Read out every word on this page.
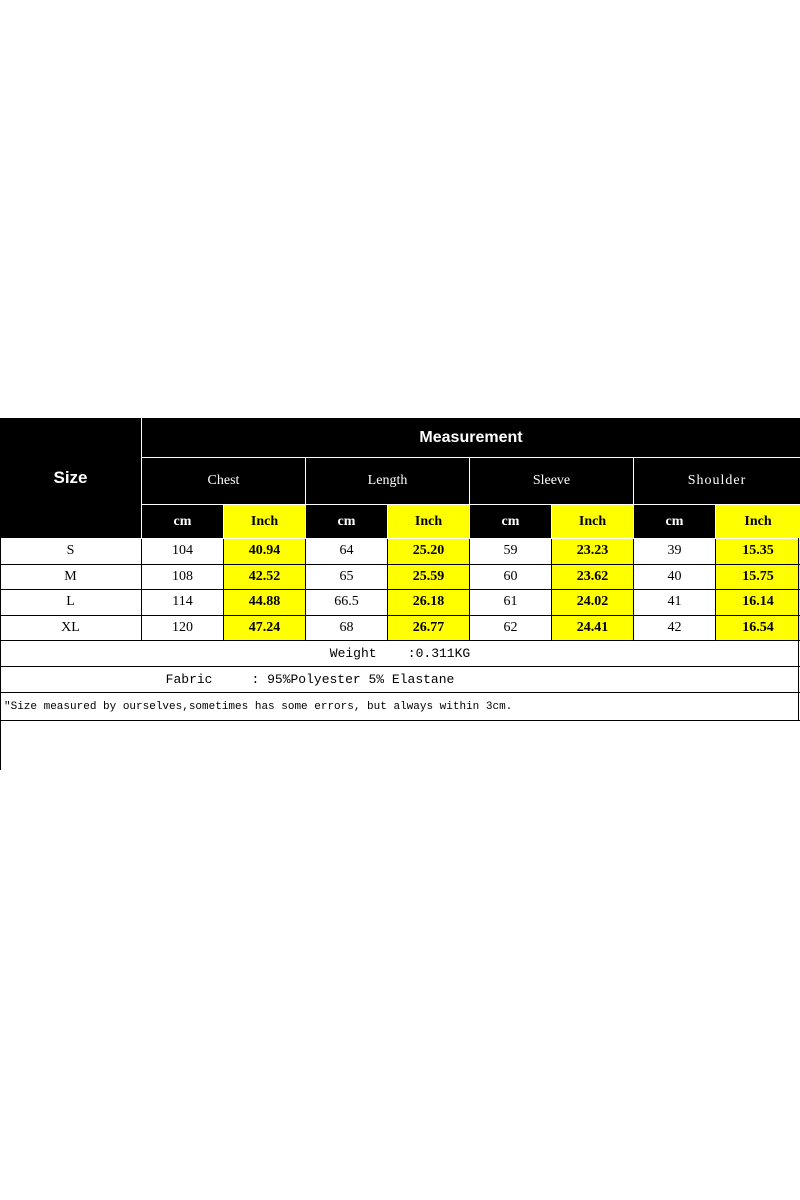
Size
Measurement
Chest	Length	Sleeve	Shoulder
cm	Inch	cm	Inch	cm	Inch	cm	Inch
S	104	40.94	64	25.20	59	23.23	39	15.35
M	108	42.52	65	25.59	60	23.62	40	15.75
L	114	44.88	66.5	26.18	61	24.02	41	16.14
XL	120	47.24	68	26.77	62	24.41	42	16.54
Weight    :0.311KG
Fabric     : 95%Polyester 5% Elastane
"Size measured by ourselves,sometimes has some errors, but always within 3cm.
